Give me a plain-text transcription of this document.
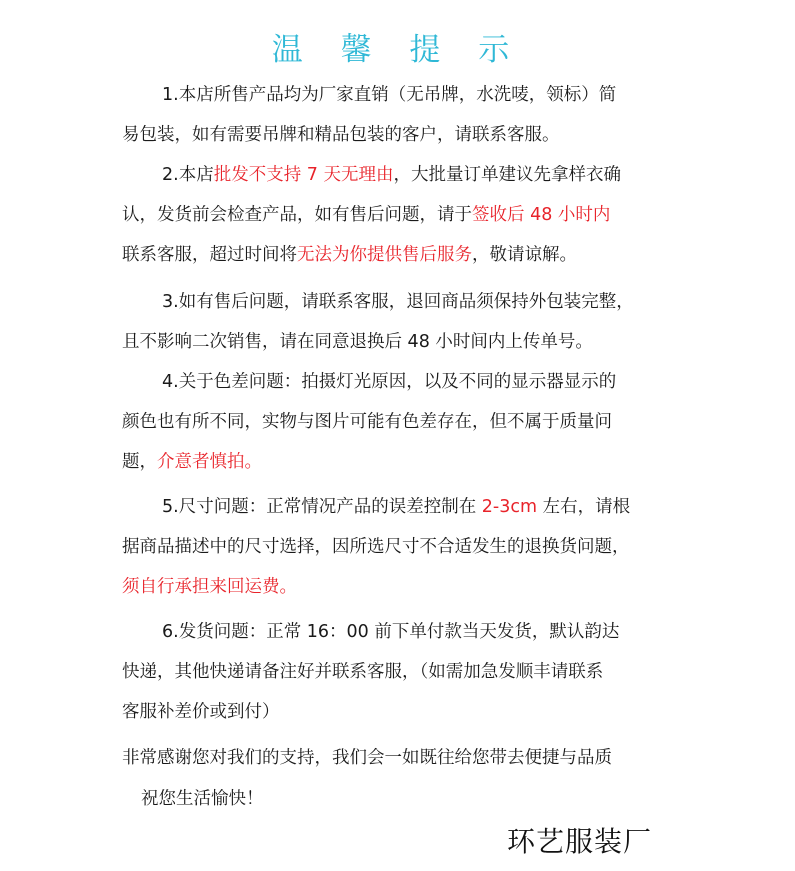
温 馨 提 示
1.本店所售产品均为厂家直销（无吊牌，水洗唛，领标）简
易包装，如有需要吊牌和精品包装的客户，请联系客服。
2.本店批发不支持 7 天无理由，大批量订单建议先拿样衣确
认，发货前会检查产品，如有售后问题，请于签收后 48 小时内
联系客服，超过时间将无法为你提供售后服务，敬请谅解。
3.如有售后问题，请联系客服，退回商品须保持外包装完整，
且不影响二次销售，请在同意退换后 48 小时间内上传单号。
4.关于色差问题：拍摄灯光原因，以及不同的显示器显示的
颜色也有所不同，实物与图片可能有色差存在，但不属于质量问
题，介意者慎拍。
5.尺寸问题：正常情况产品的误差控制在 2-3cm 左右，请根
据商品描述中的尺寸选择，因所选尺寸不合适发生的退换货问题，
须自行承担来回运费。
6.发货问题：正常 16：00 前下单付款当天发货，默认韵达
快递，其他快递请备注好并联系客服，（如需加急发顺丰请联系
客服补差价或到付）
非常感谢您对我们的支持，我们会一如既往给您带去便捷与品质
祝您生活愉快！
环艺服装厂
